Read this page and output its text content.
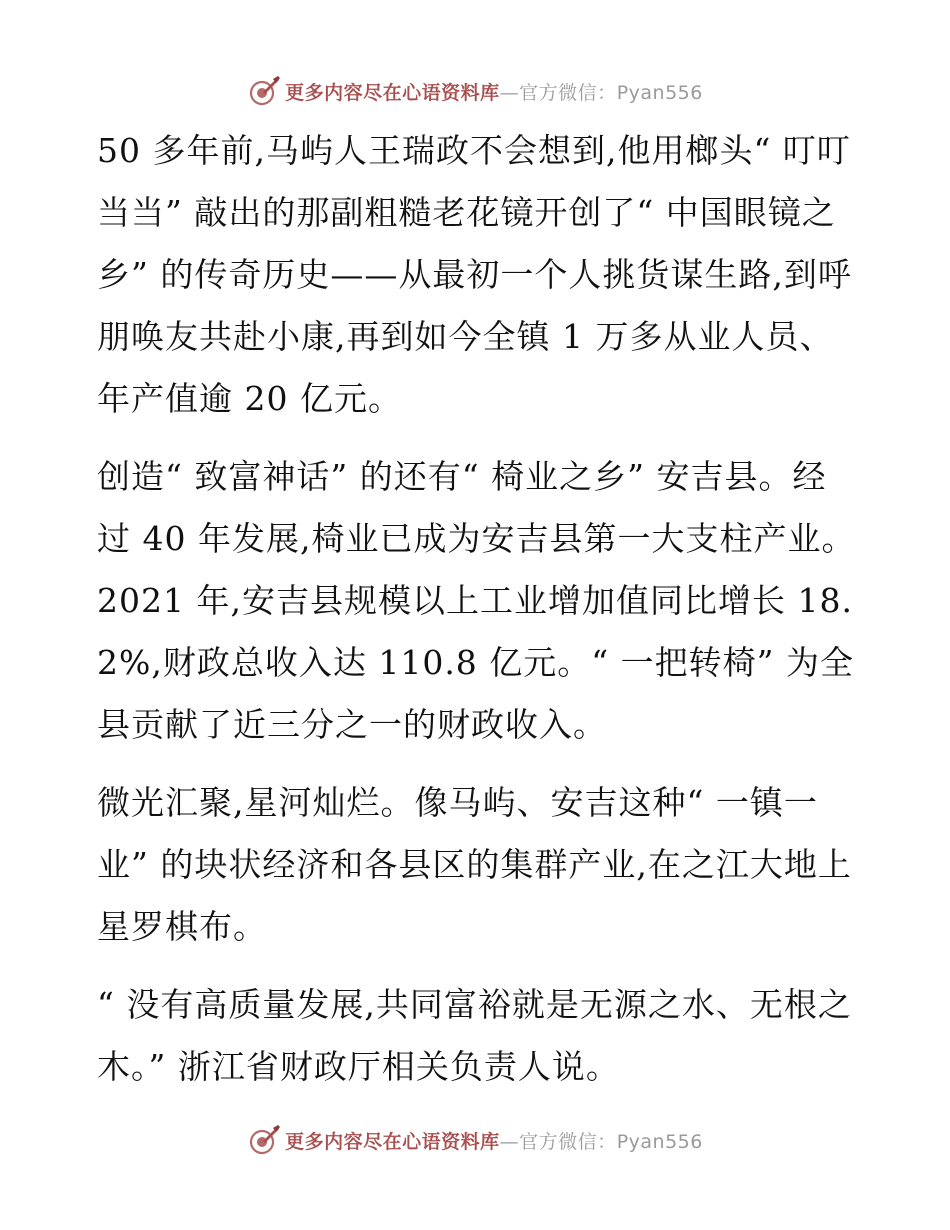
更多内容尽在心语资料库—官方微信：Pyan556

50 多年前,马屿人王瑞政不会想到,他用榔头“ 叮叮当当” 敲出的那副粗糙老花镜开创了“ 中国眼镜之乡” 的传奇历史——从最初一个人挑货谋生路,到呼朋唤友共赴小康,再到如今全镇 1 万多从业人员、年产值逾 20 亿元。

创造“ 致富神话” 的还有“ 椅业之乡” 安吉县。经过 40 年发展,椅业已成为安吉县第一大支柱产业。2021 年,安吉县规模以上工业增加值同比增长 18.2%,财政总收入达 110.8 亿元。“ 一把转椅” 为全县贡献了近三分之一的财政收入。

微光汇聚,星河灿烂。像马屿、安吉这种“ 一镇一业” 的块状经济和各县区的集群产业,在之江大地上星罗棋布。

“ 没有高质量发展,共同富裕就是无源之水、无根之木。” 浙江省财政厅相关负责人说。

更多内容尽在心语资料库—官方微信：Pyan556
